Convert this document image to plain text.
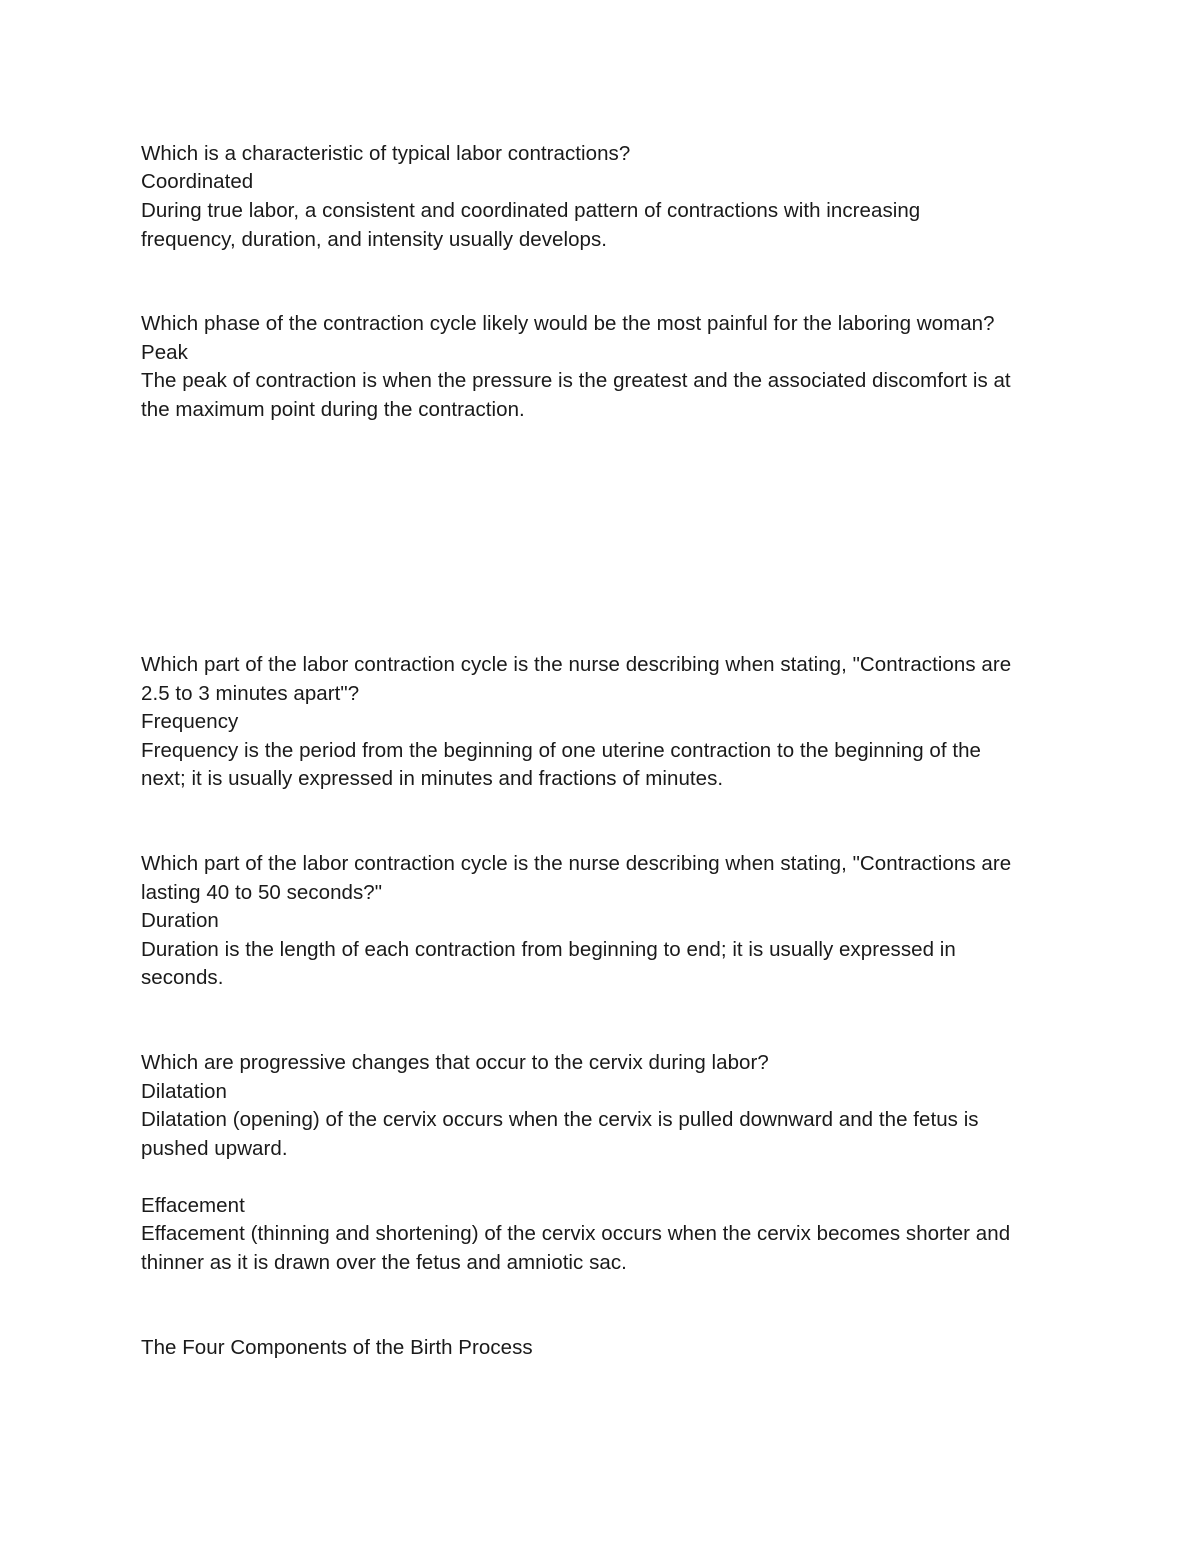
Which is a characteristic of typical labor contractions?
Coordinated
During true labor, a consistent and coordinated pattern of contractions with increasing
frequency, duration, and intensity usually develops.
Which phase of the contraction cycle likely would be the most painful for the laboring woman?
Peak
The peak of contraction is when the pressure is the greatest and the associated discomfort is at
the maximum point during the contraction.
Which part of the labor contraction cycle is the nurse describing when stating, "Contractions are
2.5 to 3 minutes apart"?
Frequency
Frequency is the period from the beginning of one uterine contraction to the beginning of the
next; it is usually expressed in minutes and fractions of minutes.
Which part of the labor contraction cycle is the nurse describing when stating, "Contractions are
lasting 40 to 50 seconds?"
Duration
Duration is the length of each contraction from beginning to end; it is usually expressed in
seconds.
Which are progressive changes that occur to the cervix during labor?
Dilatation
Dilatation (opening) of the cervix occurs when the cervix is pulled downward and the fetus is
pushed upward.
Effacement
Effacement (thinning and shortening) of the cervix occurs when the cervix becomes shorter and
thinner as it is drawn over the fetus and amniotic sac.
The Four Components of the Birth Process
